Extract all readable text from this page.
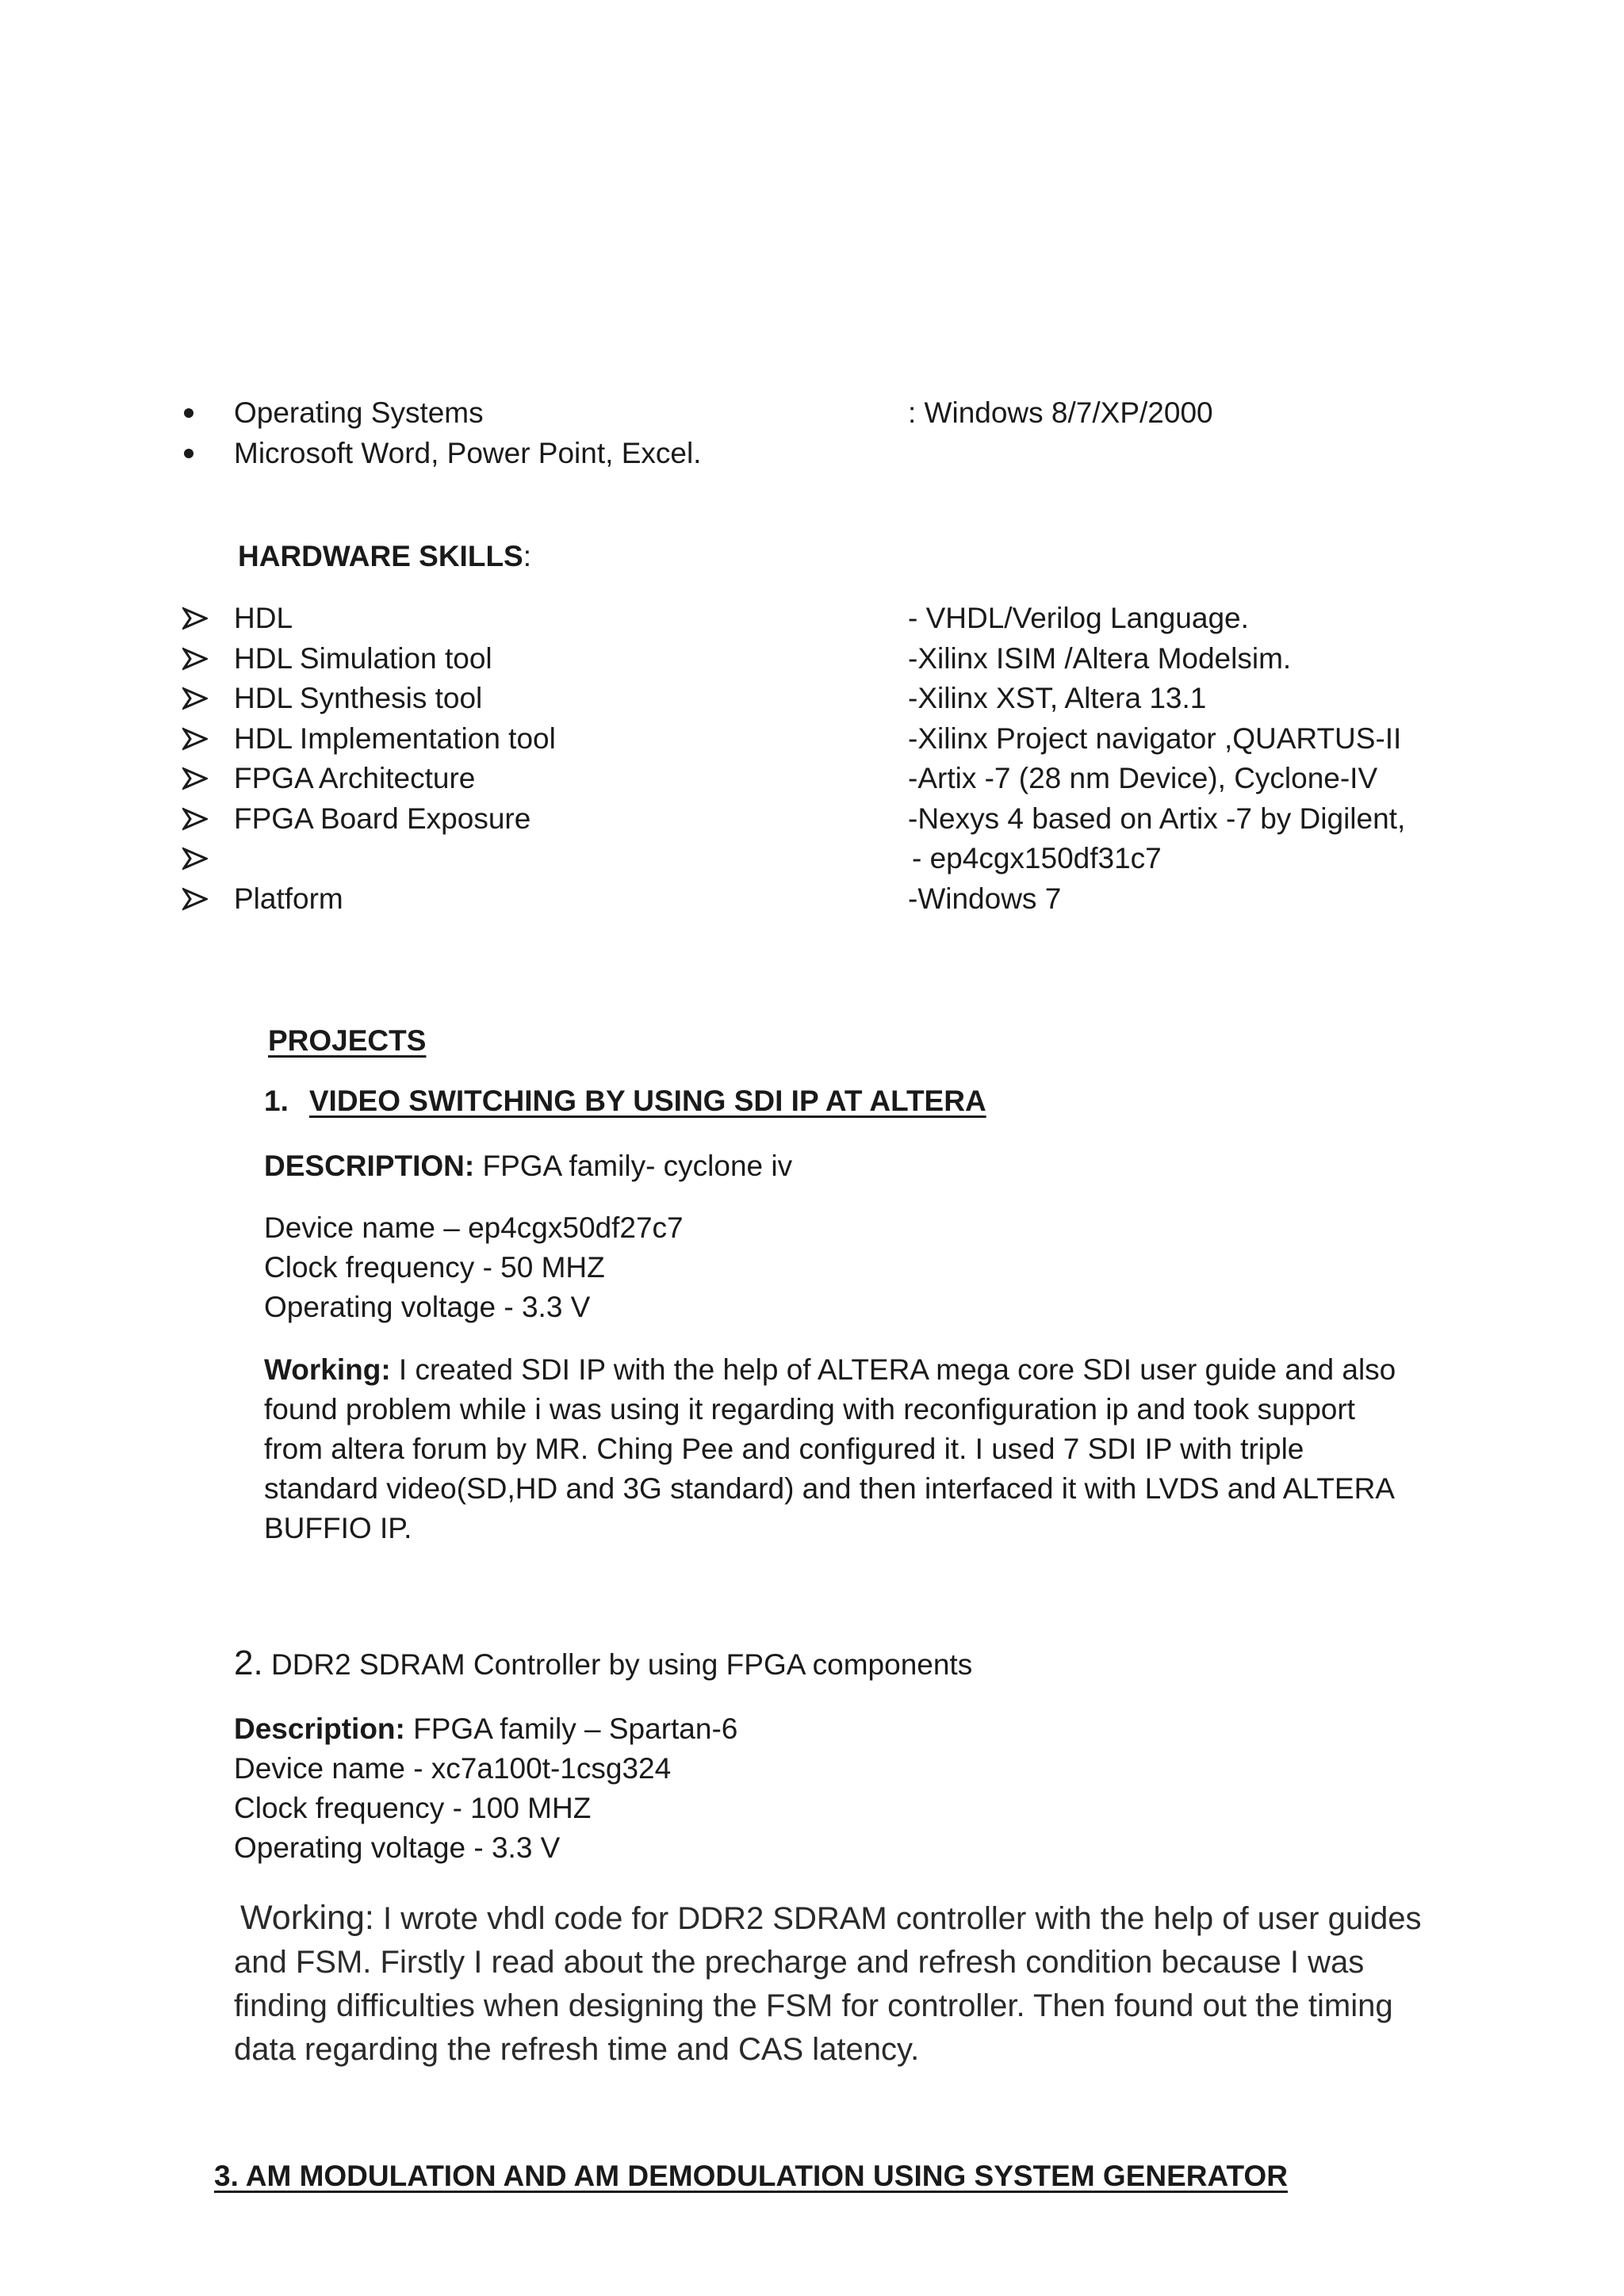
Operating Systems	: Windows 8/7/XP/2000
Microsoft Word, Power Point, Excel.
HARDWARE SKILLS:
HDL	- VHDL/Verilog Language.
HDL Simulation tool	-Xilinx ISIM /Altera Modelsim.
HDL Synthesis tool	-Xilinx XST, Altera 13.1
HDL Implementation tool	-Xilinx Project navigator ,QUARTUS-II
FPGA Architecture	-Artix -7 (28 nm Device), Cyclone-IV
FPGA Board Exposure	-Nexys 4 based on Artix -7 by Digilent,
- ep4cgx150df31c7
Platform	-Windows 7
PROJECTS
1. VIDEO SWITCHING BY USING SDI IP AT ALTERA
DESCRIPTION: FPGA family- cyclone iv
Device name – ep4cgx50df27c7
Clock frequency - 50 MHZ
Operating voltage - 3.3 V
Working: I created SDI IP with the help of ALTERA mega core SDI user guide and also
found problem while i was using it regarding with reconfiguration ip and took support
from altera forum by MR. Ching Pee and configured it. I used 7 SDI IP with triple
standard video(SD,HD and 3G standard) and then interfaced it with LVDS and ALTERA
BUFFIO IP.
2. DDR2 SDRAM Controller by using FPGA components
Description: FPGA family – Spartan-6
Device name - xc7a100t-1csg324
Clock frequency - 100 MHZ
Operating voltage - 3.3 V
Working: I wrote vhdl code for DDR2 SDRAM controller with the help of user guides
and FSM. Firstly I read about the precharge and refresh condition because I was
finding difficulties when designing the FSM for controller. Then found out the timing
data regarding the refresh time and CAS latency.
3. AM MODULATION AND AM DEMODULATION USING SYSTEM GENERATOR
